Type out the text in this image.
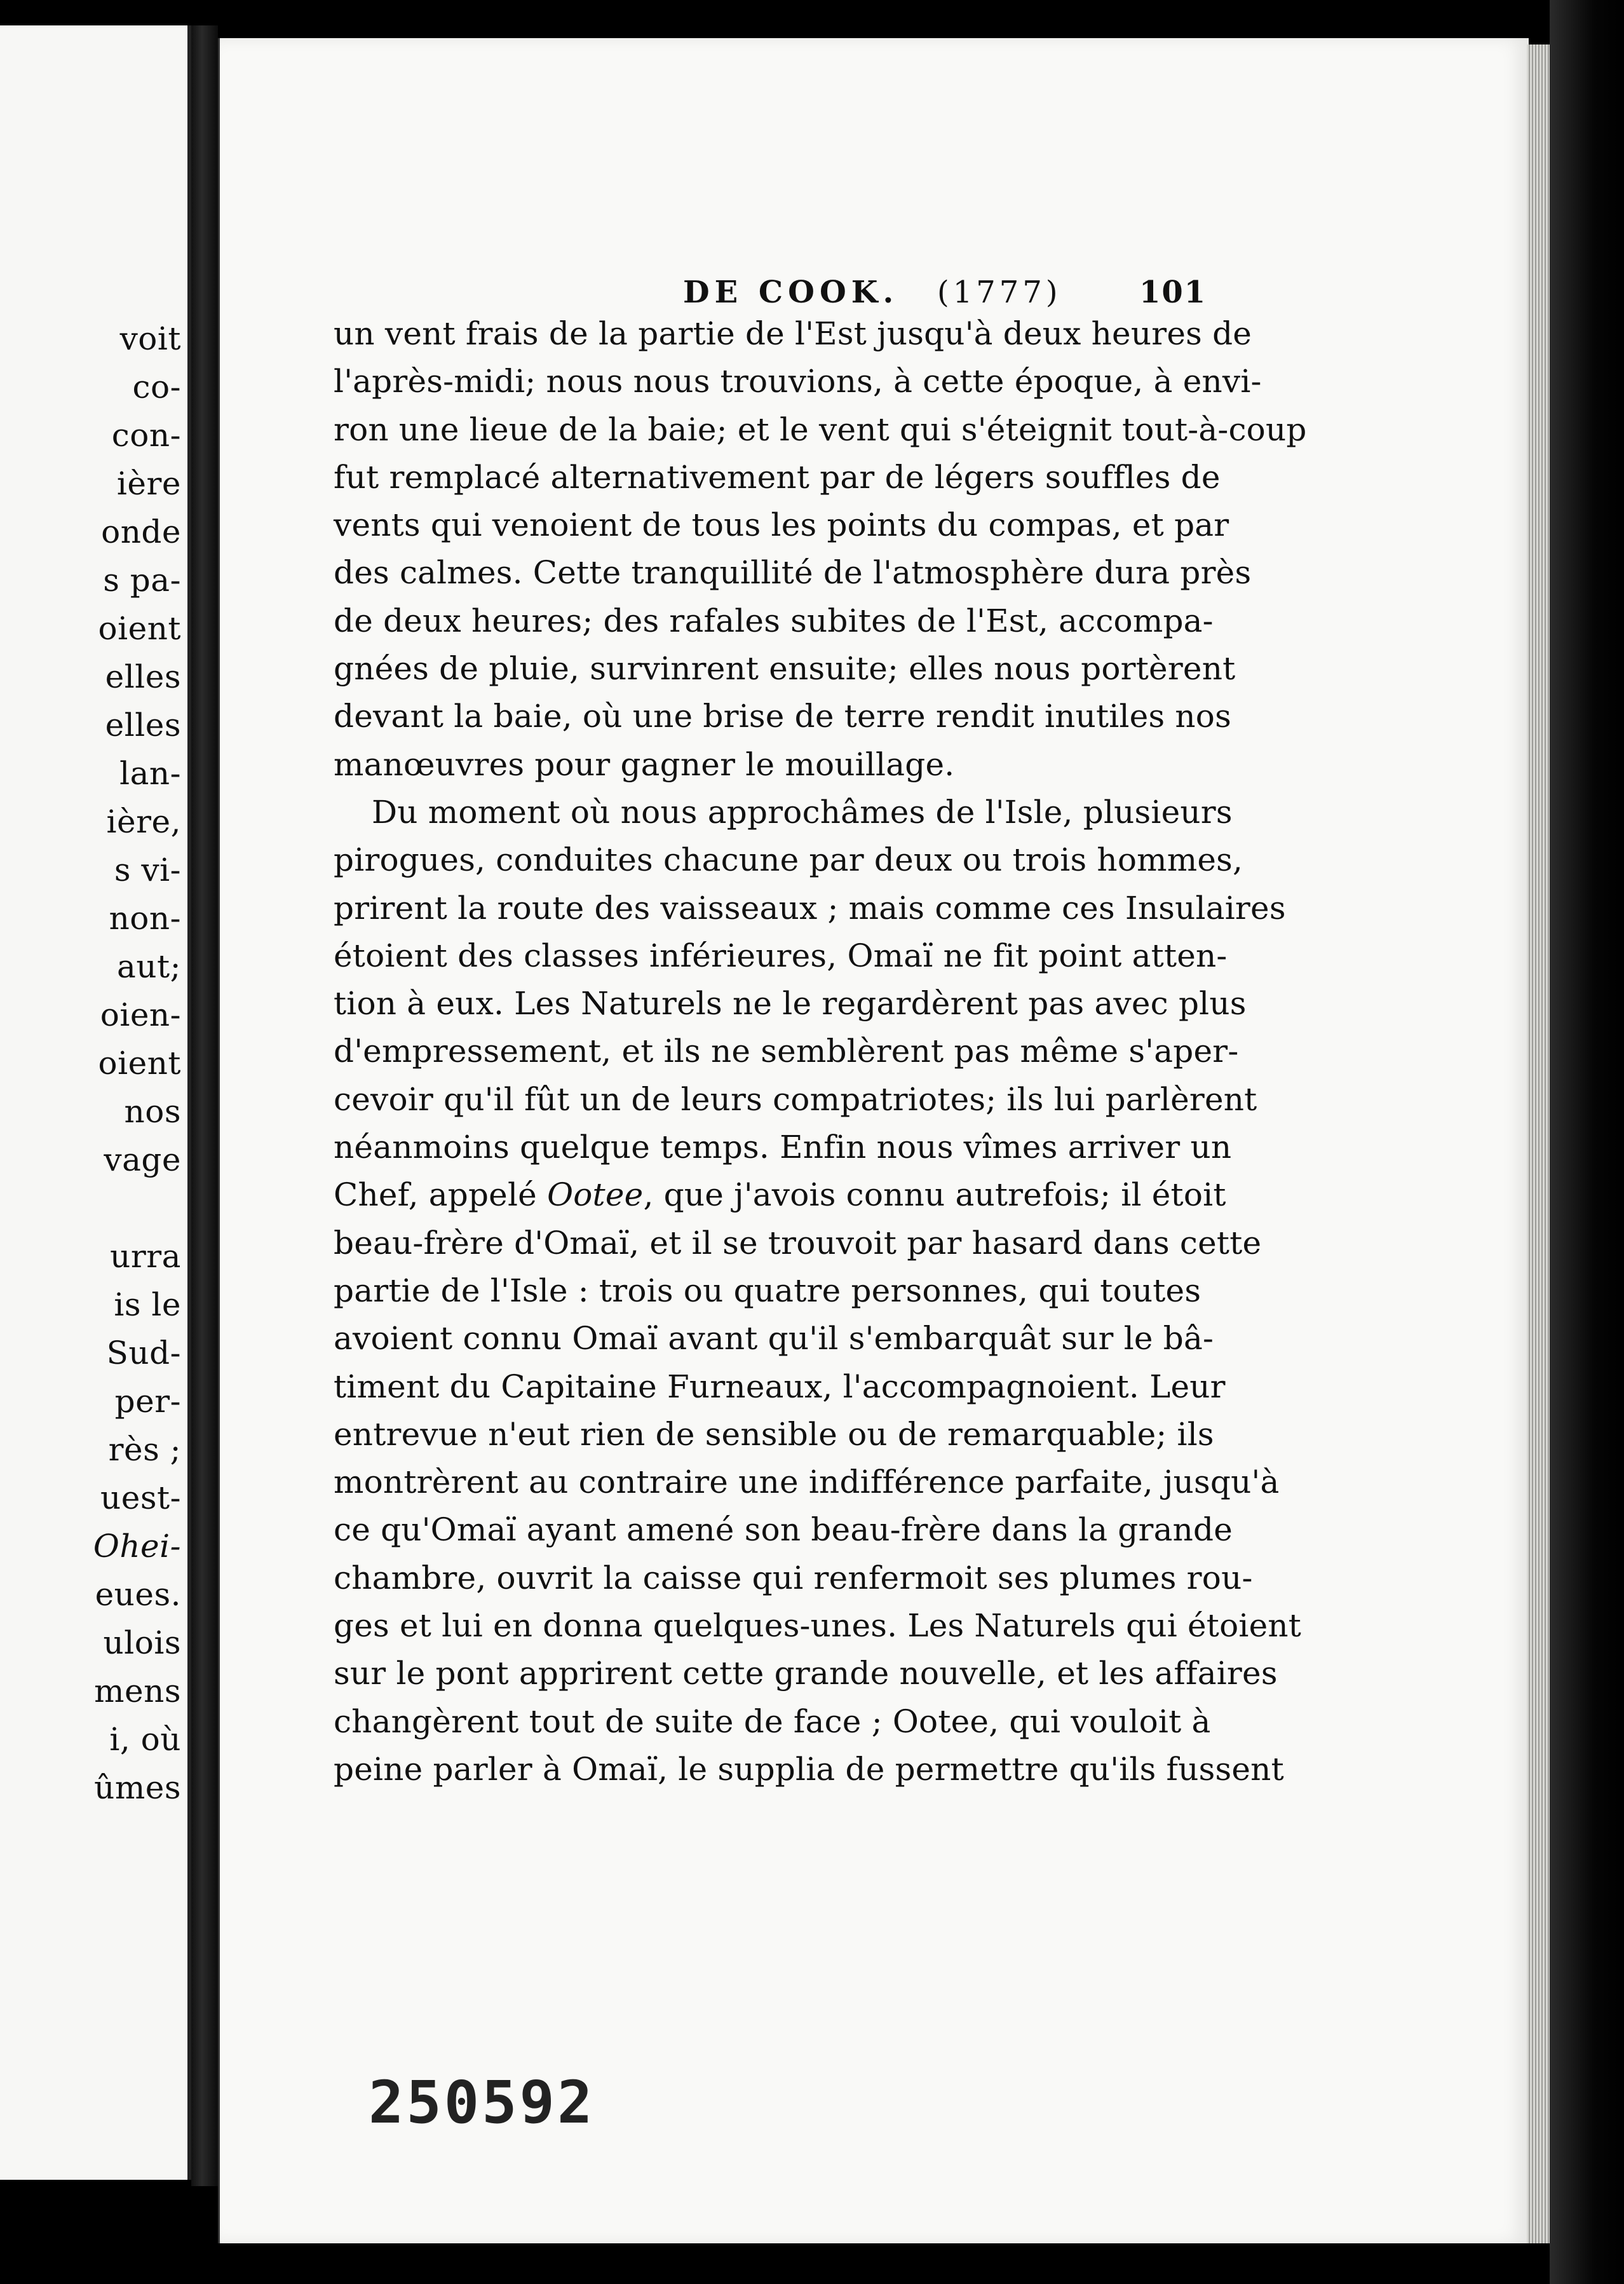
voit
co-
con-
ière
onde
s pa-
oient
elles
elles
lan-
ière,
s vi-
non-
aut;
oien-
oient
nos
vage
urra
is le
Sud-
per-
rès ;
uest-
Ohei-
eues.
ulois
mens
i, où
ûmes
DE COOK. (1777)	101
un vent frais de la partie de l'Est jusqu'à deux heures de
l'après-midi; nous nous trouvions, à cette époque, à envi-
ron une lieue de la baie; et le vent qui s'éteignit tout-à-coup
fut remplacé alternativement par de légers souffles de
vents qui venoient de tous les points du compas, et par
des calmes. Cette tranquillité de l'atmosphère dura près
de deux heures; des rafales subites de l'Est, accompa-
gnées de pluie, survinrent ensuite; elles nous portèrent
devant la baie, où une brise de terre rendit inutiles nos
manœuvres pour gagner le mouillage.
Du moment où nous approchâmes de l'Isle, plusieurs
pirogues, conduites chacune par deux ou trois hommes,
prirent la route des vaisseaux ; mais comme ces Insulaires
étoient des classes inférieures, Omaï ne fit point atten-
tion à eux. Les Naturels ne le regardèrent pas avec plus
d'empressement, et ils ne semblèrent pas même s'aper-
cevoir qu'il fût un de leurs compatriotes; ils lui parlèrent
néanmoins quelque temps. Enfin nous vîmes arriver un
Chef, appelé Ootee, que j'avois connu autrefois; il étoit
beau-frère d'Omaï, et il se trouvoit par hasard dans cette
partie de l'Isle : trois ou quatre personnes, qui toutes
avoient connu Omaï avant qu'il s'embarquât sur le bâ-
timent du Capitaine Furneaux, l'accompagnoient. Leur
entrevue n'eut rien de sensible ou de remarquable; ils
montrèrent au contraire une indifférence parfaite, jusqu'à
ce qu'Omaï ayant amené son beau-frère dans la grande
chambre, ouvrit la caisse qui renfermoit ses plumes rou-
ges et lui en donna quelques-unes. Les Naturels qui étoient
sur le pont apprirent cette grande nouvelle, et les affaires
changèrent tout de suite de face ; Ootee, qui vouloit à
peine parler à Omaï, le supplia de permettre qu'ils fussent
250592
